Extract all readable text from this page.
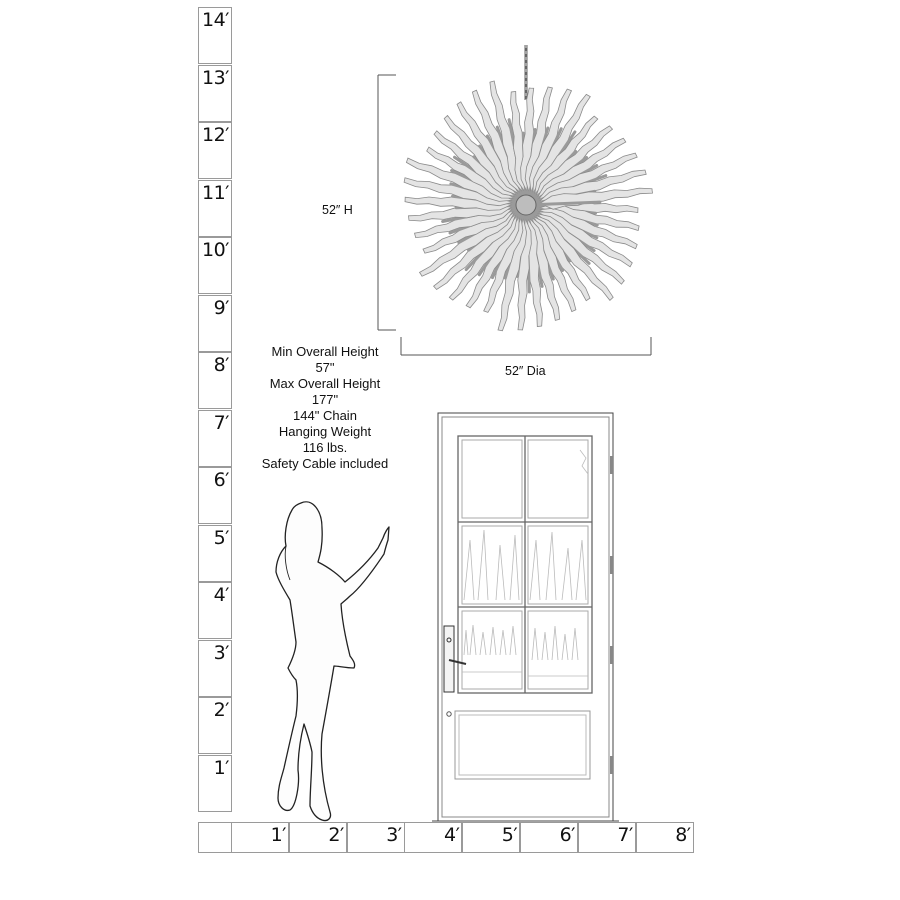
14′
13′
12′
11′
10′
9′
8′
7′
6′
5′
4′
3′
2′
1′
1′ 2′ 3′ 4′ 5′ 6′ 7′ 8′
52″ H
52″ Dia
Min Overall Height
57"
Max Overall Height
177"
144" Chain
Hanging Weight
116 lbs.
Safety Cable included
